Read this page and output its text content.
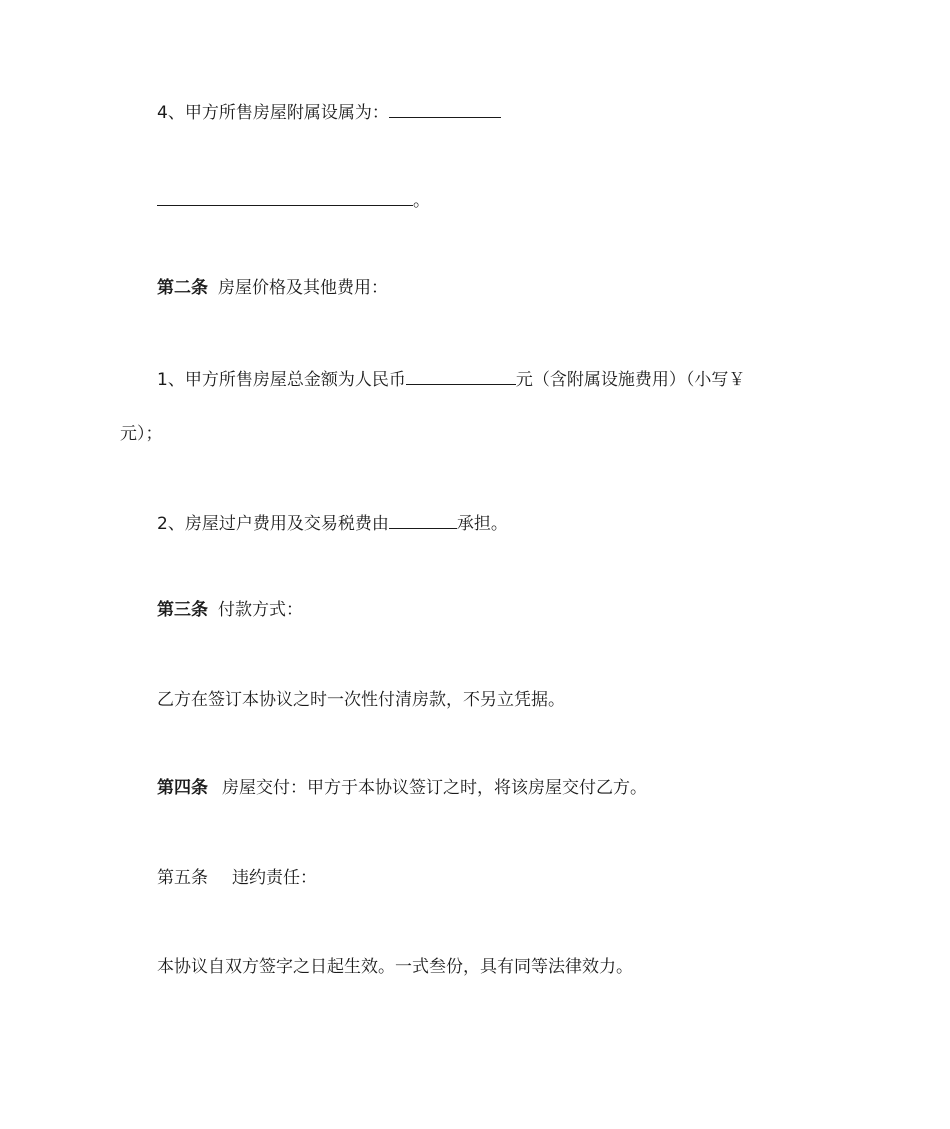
4、甲方所售房屋附属设属为：
。
第二条 房屋价格及其他费用：
1、甲方所售房屋总金额为人民币	元（含附属设施费用）（小写￥
元）；
2、房屋过户费用及交易税费由	承担。
第三条 付款方式：
乙方在签订本协议之时一次性付清房款，不另立凭据。
第四条 房屋交付：甲方于本协议签订之时，将该房屋交付乙方。
第五条 违约责任：
本协议自双方签字之日起生效。一式叁份，具有同等法律效力。
